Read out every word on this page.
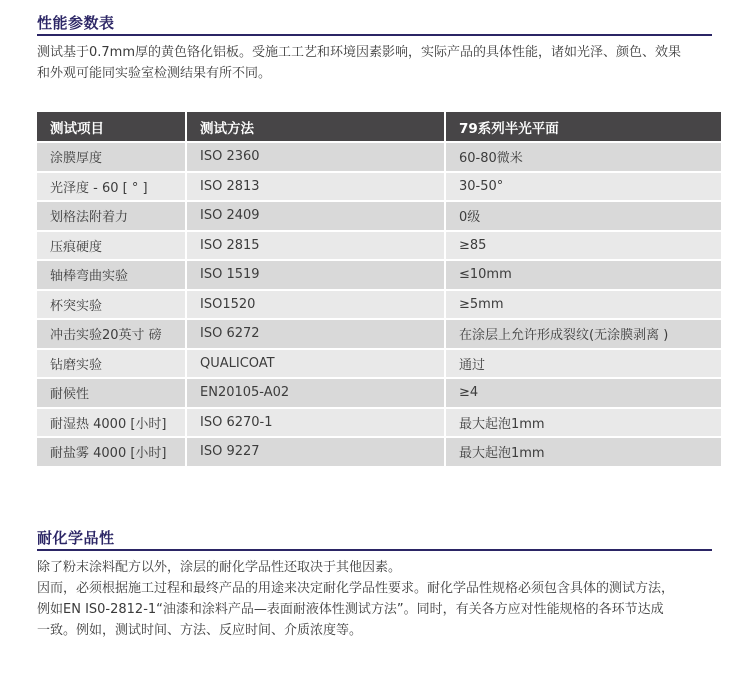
性能参数表

测试基于0.7mm厚的黄色铬化铝板。受施工工艺和环境因素影响，实际产品的具体性能，诸如光泽、颜色、效果
和外观可能同实验室检测结果有所不同。

测试项目	测试方法	79系列半光平面
涂膜厚度	ISO 2360	60-80微米
光泽度 - 60 [ ° ]	ISO 2813	30-50°
划格法附着力	ISO 2409	0级
压痕硬度	ISO 2815	≥85
轴棒弯曲实验	ISO 1519	≤10mm
杯突实验	ISO1520	≥5mm
冲击实验20英寸 磅	ISO 6272	在涂层上允许形成裂纹(无涂膜剥离 )
钻磨实验	QUALICOAT	通过
耐候性	EN20105-A02	≥4
耐湿热 4000 [小时]	ISO 6270-1	最大起泡1mm
耐盐雾 4000 [小时]	ISO 9227	最大起泡1mm
耐化学品性

除了粉末涂料配方以外，涂层的耐化学品性还取决于其他因素。
因而，必须根据施工过程和最终产品的用途来决定耐化学品性要求。耐化学品性规格必须包含具体的测试方法，
例如EN IS0-2812-1“油漆和涂料产品—表面耐液体性测试方法”。同时，有关各方应对性能规格的各环节达成
一致。例如，测试时间、方法、反应时间、介质浓度等。
